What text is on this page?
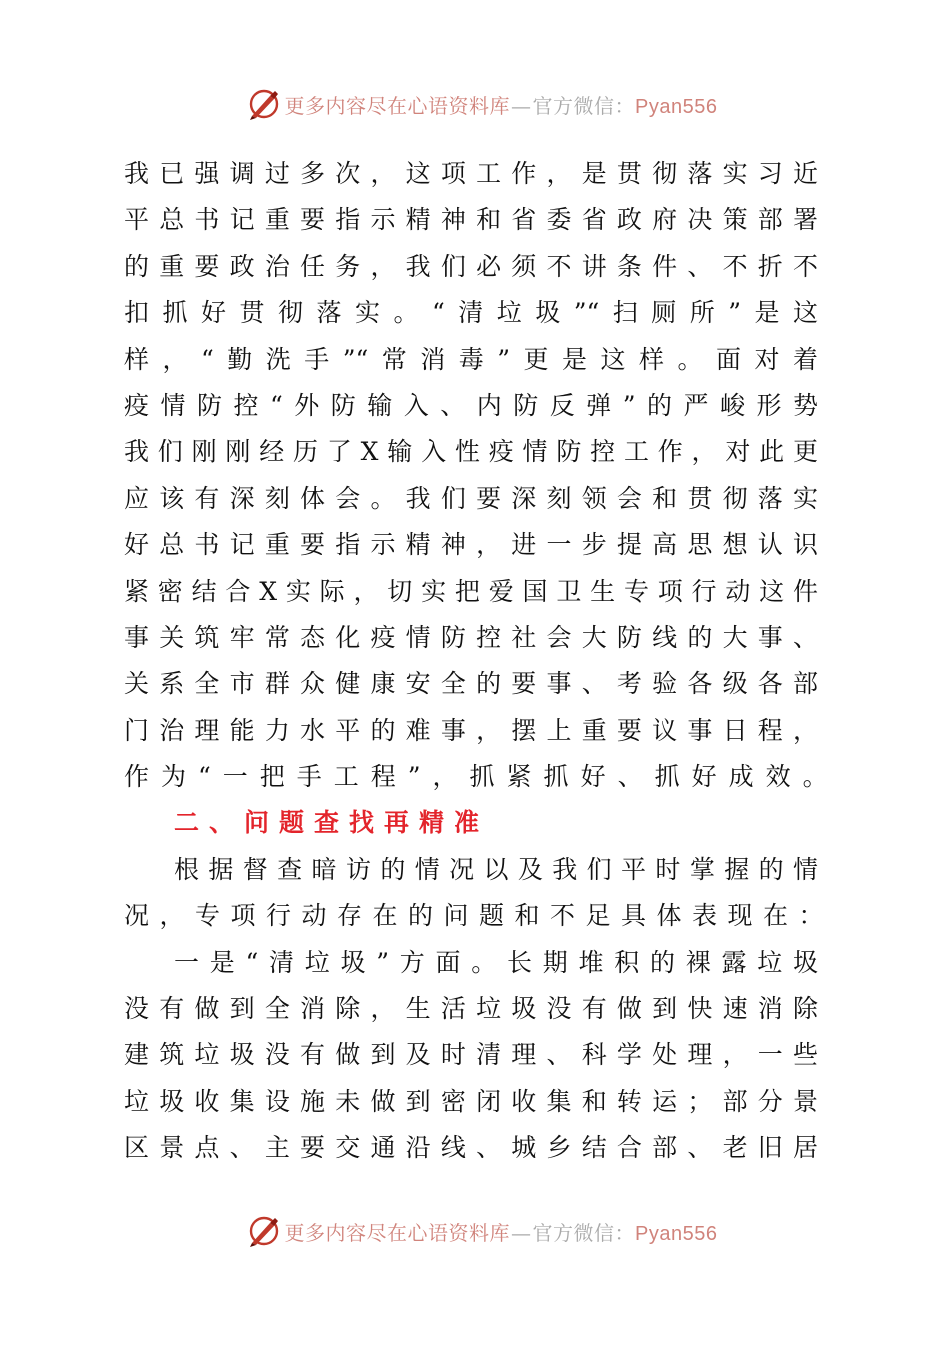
更多内容尽在心语资料库—官方微信：Pyan556
我已强调过多次，这项工作，是贯彻落实习近
平总书记重要指示精神和省委省政府决策部署
的重要政治任务，我们必须不讲条件、不折不
扣抓好贯彻落实。“清垃圾”“扫厕所”是这
样，“勤洗手”“常消毒”更是这样。面对着
疫情防控“外防输入、内防反弹”的严峻形势
我们刚刚经历了X输入性疫情防控工作，对此更
应该有深刻体会。我们要深刻领会和贯彻落实
好总书记重要指示精神，进一步提高思想认识
紧密结合X实际，切实把爱国卫生专项行动这件
事关筑牢常态化疫情防控社会大防线的大事、
关系全市群众健康安全的要事、考验各级各部
门治理能力水平的难事，摆上重要议事日程，
作为“一把手工程”，抓紧抓好、抓好成效。
二、问题查找再精准
根据督查暗访的情况以及我们平时掌握的情
况，专项行动存在的问题和不足具体表现在：
一是“清垃圾”方面。长期堆积的裸露垃圾
没有做到全消除，生活垃圾没有做到快速消除
建筑垃圾没有做到及时清理、科学处理，一些
垃圾收集设施未做到密闭收集和转运；部分景
区景点、主要交通沿线、城乡结合部、老旧居
更多内容尽在心语资料库—官方微信：Pyan556
